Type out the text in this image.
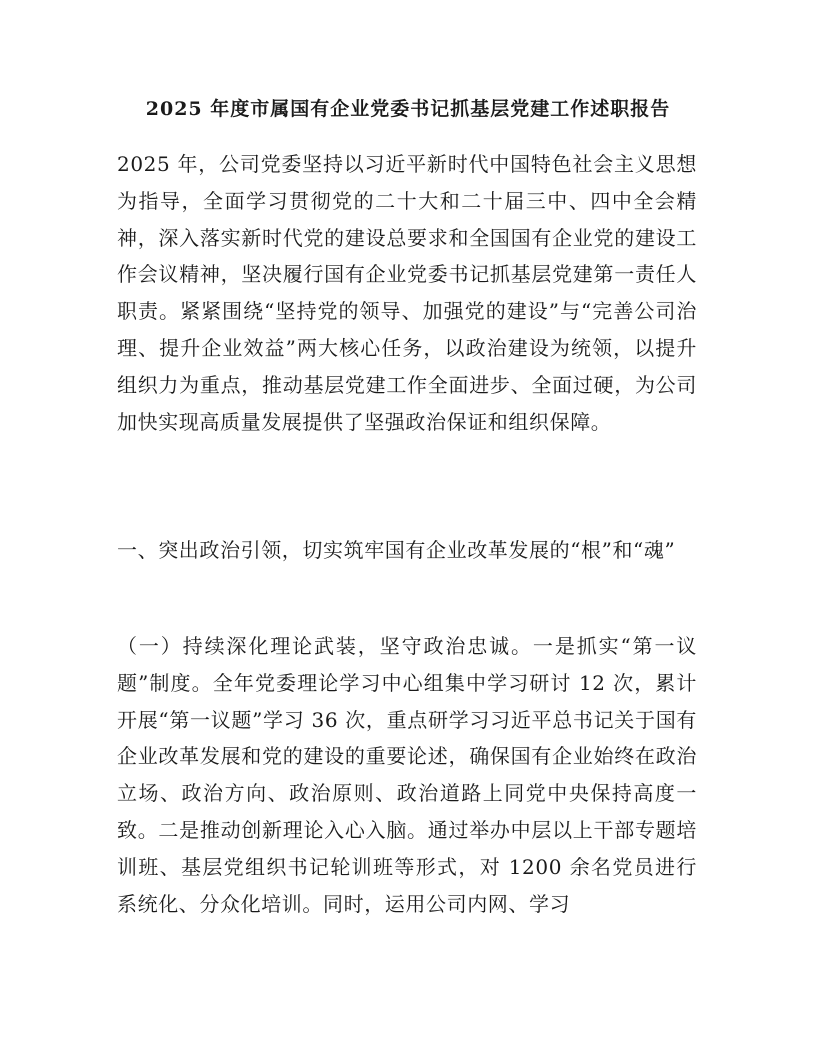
2025 年度市属国有企业党委书记抓基层党建工作述职报告

2025 年，公司党委坚持以习近平新时代中国特色社会主义思想为指导，全面学习贯彻党的二十大和二十届三中、四中全会精神，深入落实新时代党的建设总要求和全国国有企业党的建设工作会议精神，坚决履行国有企业党委书记抓基层党建第一责任人职责。紧紧围绕“坚持党的领导、加强党的建设”与“完善公司治理、提升企业效益”两大核心任务，以政治建设为统领，以提升组织力为重点，推动基层党建工作全面进步、全面过硬，为公司加快实现高质量发展提供了坚强政治保证和组织保障。

一、突出政治引领，切实筑牢国有企业改革发展的“根”和“魂”

（一）持续深化理论武装，坚守政治忠诚。一是抓实“第一议题”制度。全年党委理论学习中心组集中学习研讨 12 次，累计开展“第一议题”学习 36 次，重点研学习习近平总书记关于国有企业改革发展和党的建设的重要论述，确保国有企业始终在政治立场、政治方向、政治原则、政治道路上同党中央保持高度一致。二是推动创新理论入心入脑。通过举办中层以上干部专题培训班、基层党组织书记轮训班等形式，对 1200 余名党员进行系统化、分众化培训。同时，运用公司内网、学习
